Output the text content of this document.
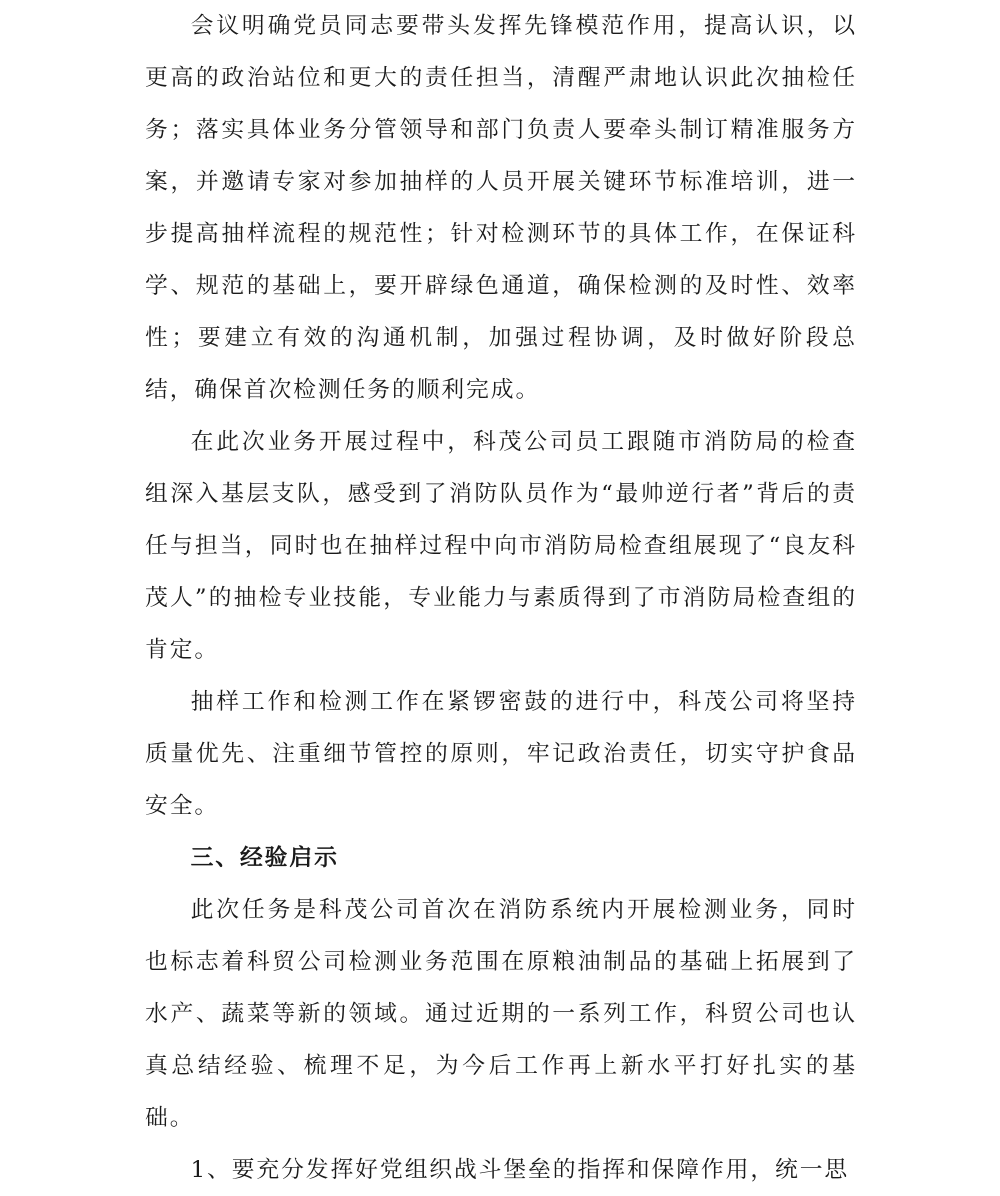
会议明确党员同志要带头发挥先锋模范作用，提高认识，以更高的政治站位和更大的责任担当，清醒严肃地认识此次抽检任务；落实具体业务分管领导和部门负责人要牵头制订精准服务方案，并邀请专家对参加抽样的人员开展关键环节标准培训，进一步提高抽样流程的规范性；针对检测环节的具体工作，在保证科学、规范的基础上，要开辟绿色通道，确保检测的及时性、效率性；要建立有效的沟通机制，加强过程协调，及时做好阶段总结，确保首次检测任务的顺利完成。

在此次业务开展过程中，科茂公司员工跟随市消防局的检查组深入基层支队，感受到了消防队员作为“最帅逆行者”背后的责任与担当，同时也在抽样过程中向市消防局检查组展现了“良友科茂人”的抽检专业技能，专业能力与素质得到了市消防局检查组的肯定。

抽样工作和检测工作在紧锣密鼓的进行中，科茂公司将坚持质量优先、注重细节管控的原则，牢记政治责任，切实守护食品安全。

三、经验启示

此次任务是科茂公司首次在消防系统内开展检测业务，同时也标志着科贸公司检测业务范围在原粮油制品的基础上拓展到了水产、蔬菜等新的领域。通过近期的一系列工作，科贸公司也认真总结经验、梳理不足，为今后工作再上新水平打好扎实的基础。

1、要充分发挥好党组织战斗堡垒的指挥和保障作用，统一思
